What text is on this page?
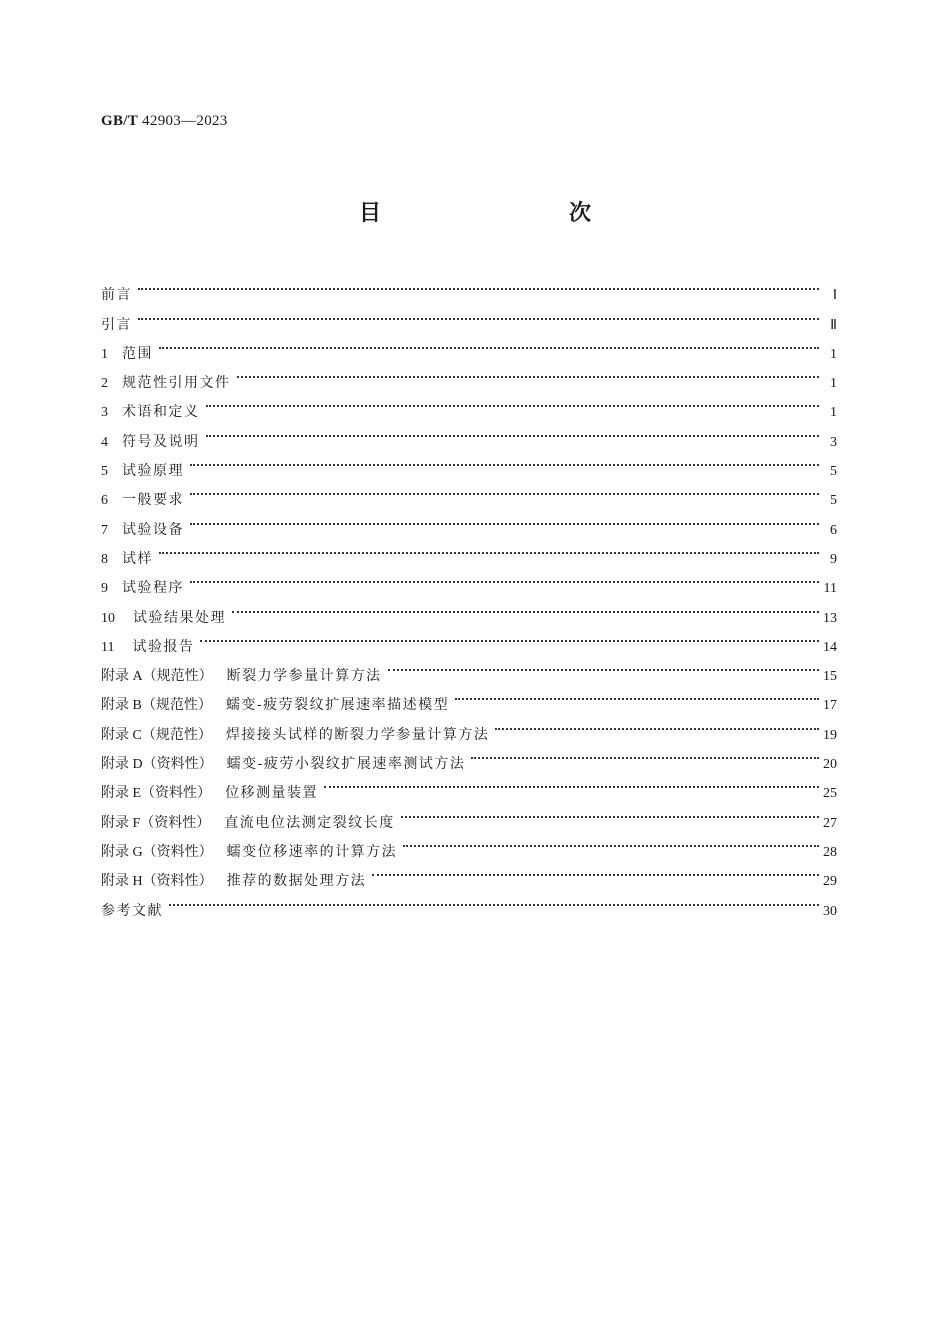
GB/T 42903—2023
目　　次
前言	Ⅰ
引言	Ⅱ
1 范围	1
2 规范性引用文件	1
3 术语和定义	1
4 符号及说明	3
5 试验原理	5
6 一般要求	5
7 试验设备	6
8 试样	9
9 试验程序	11
10 试验结果处理	13
11 试验报告	14
附录 A（规范性） 断裂力学参量计算方法	15
附录 B（规范性） 蠕变-疲劳裂纹扩展速率描述模型	17
附录 C（规范性） 焊接接头试样的断裂力学参量计算方法	19
附录 D（资料性） 蠕变-疲劳小裂纹扩展速率测试方法	20
附录 E（资料性） 位移测量装置	25
附录 F（资料性） 直流电位法测定裂纹长度	27
附录 G（资料性） 蠕变位移速率的计算方法	28
附录 H（资料性） 推荐的数据处理方法	29
参考文献	30
